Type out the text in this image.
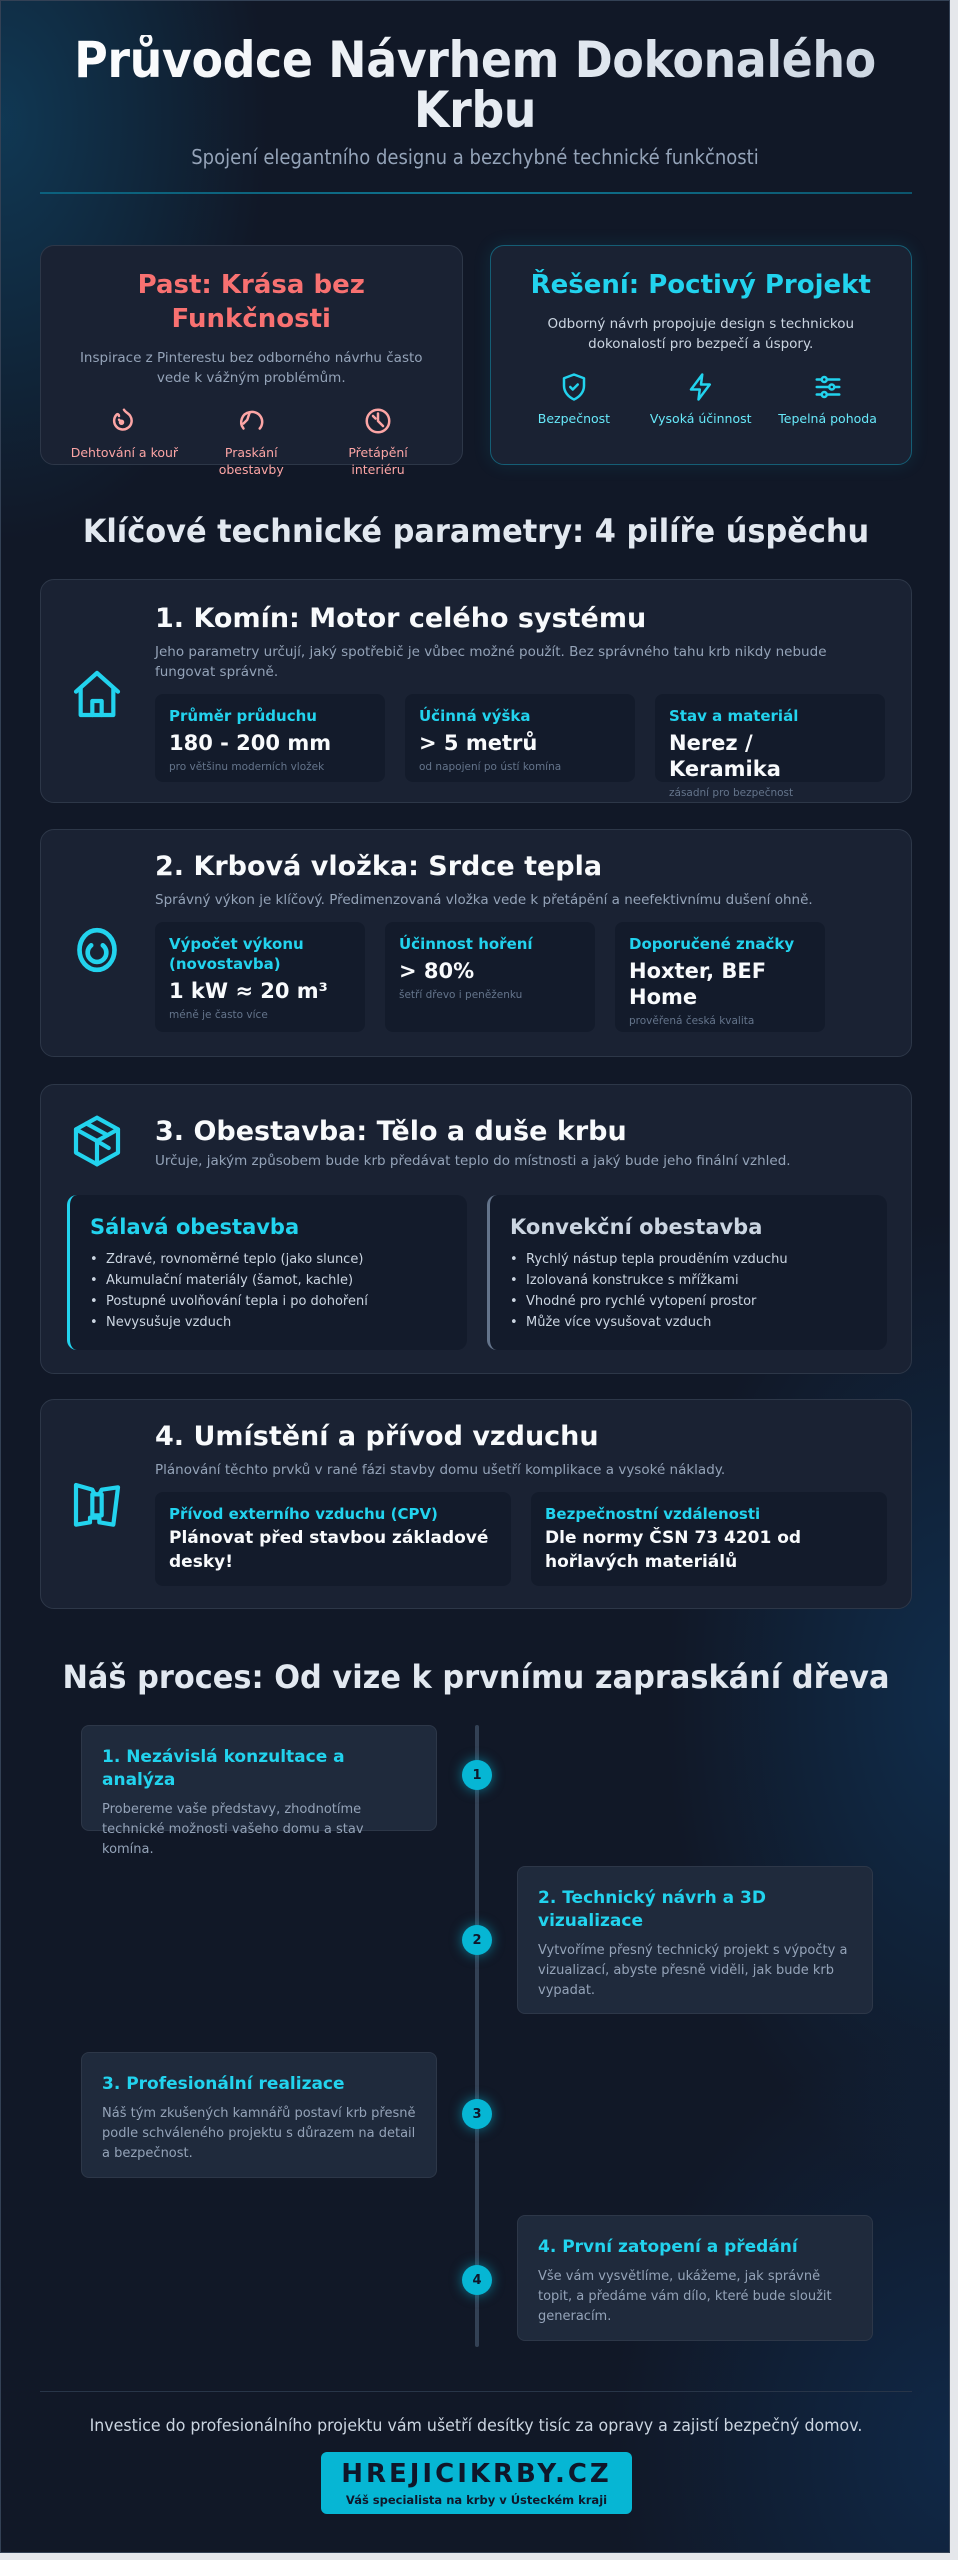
Průvodce Návrhem Dokonalého Krbu
Spojení elegantního designu a bezchybné technické funkčnosti
Past: Krása bez Funkčnosti

Inspirace z Pinterestu bez odborného návrhu často vede k vážným problémům.

Dehtování a kouř	Praskání obestavby
Přetápění interiéru
Řešení: Poctivý Projekt

Odborný návrh propojuje design s technickou dokonalostí pro bezpečí a úspory.

Bezpečnost	Vysoká účinnost Tepelná pohoda
Klíčové technické parametry: 4 pilíře úspěchu
1. Komín: Motor celého systému
Jeho parametry určují, jaký spotřebič je vůbec možné použít. Bez správného tahu krb nikdy nebude fungovat správně.
Průměr průduchu
180 - 200 mm
pro většinu moderních vložek
Účinná výška
> 5 metrů
od napojení po ústí komína
Stav a materiál
Nerez / Keramika
zásadní pro bezpečnost
2. Krbová vložka: Srdce tepla
Správný výkon je klíčový. Předimenzovaná vložka vede k přetápění a neefektivnímu dušení ohně.
Výpočet výkonu (novostavba)
1 kW ≈ 20 m³
méně je často více
Účinnost hoření
> 80%
šetří dřevo i peněženku
Doporučené značky
Hoxter, BEF Home
prověřená česká kvalita
3. Obestavba: Tělo a duše krbu
Určuje, jakým způsobem bude krb předávat teplo do místnosti a jaký bude jeho finální vzhled.
Sálavá obestavba
• Zdravé, rovnoměrné teplo (jako slunce)
• Akumulační materiály (šamot, kachle)
• Postupné uvolňování tepla i po dohoření
• Nevysušuje vzduch
Konvekční obestavba
• Rychlý nástup tepla prouděním vzduchu
• Izolovaná konstrukce s mřížkami
• Vhodné pro rychlé vytopení prostor
• Může více vysušovat vzduch
4. Umístění a přívod vzduchu
Plánování těchto prvků v rané fázi stavby domu ušetří komplikace a vysoké náklady.
Přívod externího vzduchu (CPV)
Plánovat před stavbou základové desky!
Bezpečnostní vzdálenosti
Dle normy ČSN 73 4201 od hořlavých materiálů
Náš proces: Od vize k prvnímu zapraskání dřeva
1. Nezávislá konzultace a analýza

Probereme vaše představy, zhodnotíme technické možnosti vašeho domu a stav komína.

1
2. Technický návrh a 3D vizualizace

Vytvoříme přesný technický projekt s výpočty a vizualizací, abyste přesně viděli, jak bude krb vypadat.

2
3. Profesionální realizace

Náš tým zkušených kamnářů postaví krb přesně podle schváleného projektu s důrazem na detail a bezpečnost.

3
4. První zatopení a předání

Vše vám vysvětlíme, ukážeme, jak správně topit, a předáme vám dílo, které bude sloužit generacím.

4
Investice do profesionálního projektu vám ušetří desítky tisíc za opravy a zajistí bezpečný domov.
HREJICIKRBY.CZ
Váš specialista na krby v Ústeckém kraji
